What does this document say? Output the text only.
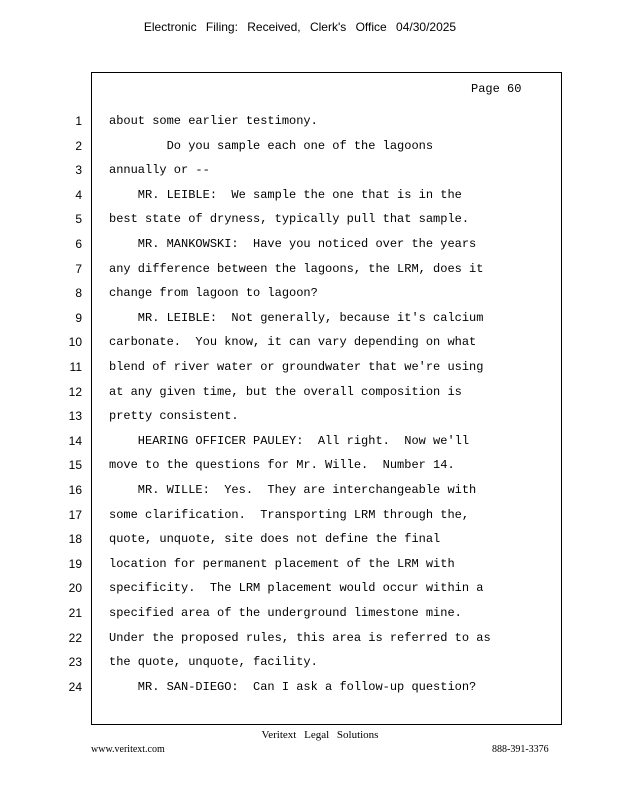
Electronic Filing: Received, Clerk's Office 04/30/2025
Page 60
1 about some earlier testimony.
2 Do you sample each one of the lagoons
3 annually or --
4 MR. LEIBLE:  We sample the one that is in the
5 best state of dryness, typically pull that sample.
6 MR. MANKOWSKI:  Have you noticed over the years
7 any difference between the lagoons, the LRM, does it
8 change from lagoon to lagoon?
9 MR. LEIBLE:  Not generally, because it's calcium
10 carbonate.  You know, it can vary depending on what
11 blend of river water or groundwater that we're using
12 at any given time, but the overall composition is
13 pretty consistent.
14 HEARING OFFICER PAULEY:  All right.  Now we'll
15 move to the questions for Mr. Wille.  Number 14.
16 MR. WILLE:  Yes.  They are interchangeable with
17 some clarification.  Transporting LRM through the,
18 quote, unquote, site does not define the final
19 location for permanent placement of the LRM with
20 specificity.  The LRM placement would occur within a
21 specified area of the underground limestone mine.
22 Under the proposed rules, this area is referred to as
23 the quote, unquote, facility.
24 MR. SAN-DIEGO:  Can I ask a follow-up question?
Veritext Legal Solutions
www.veritext.com	888-391-3376
